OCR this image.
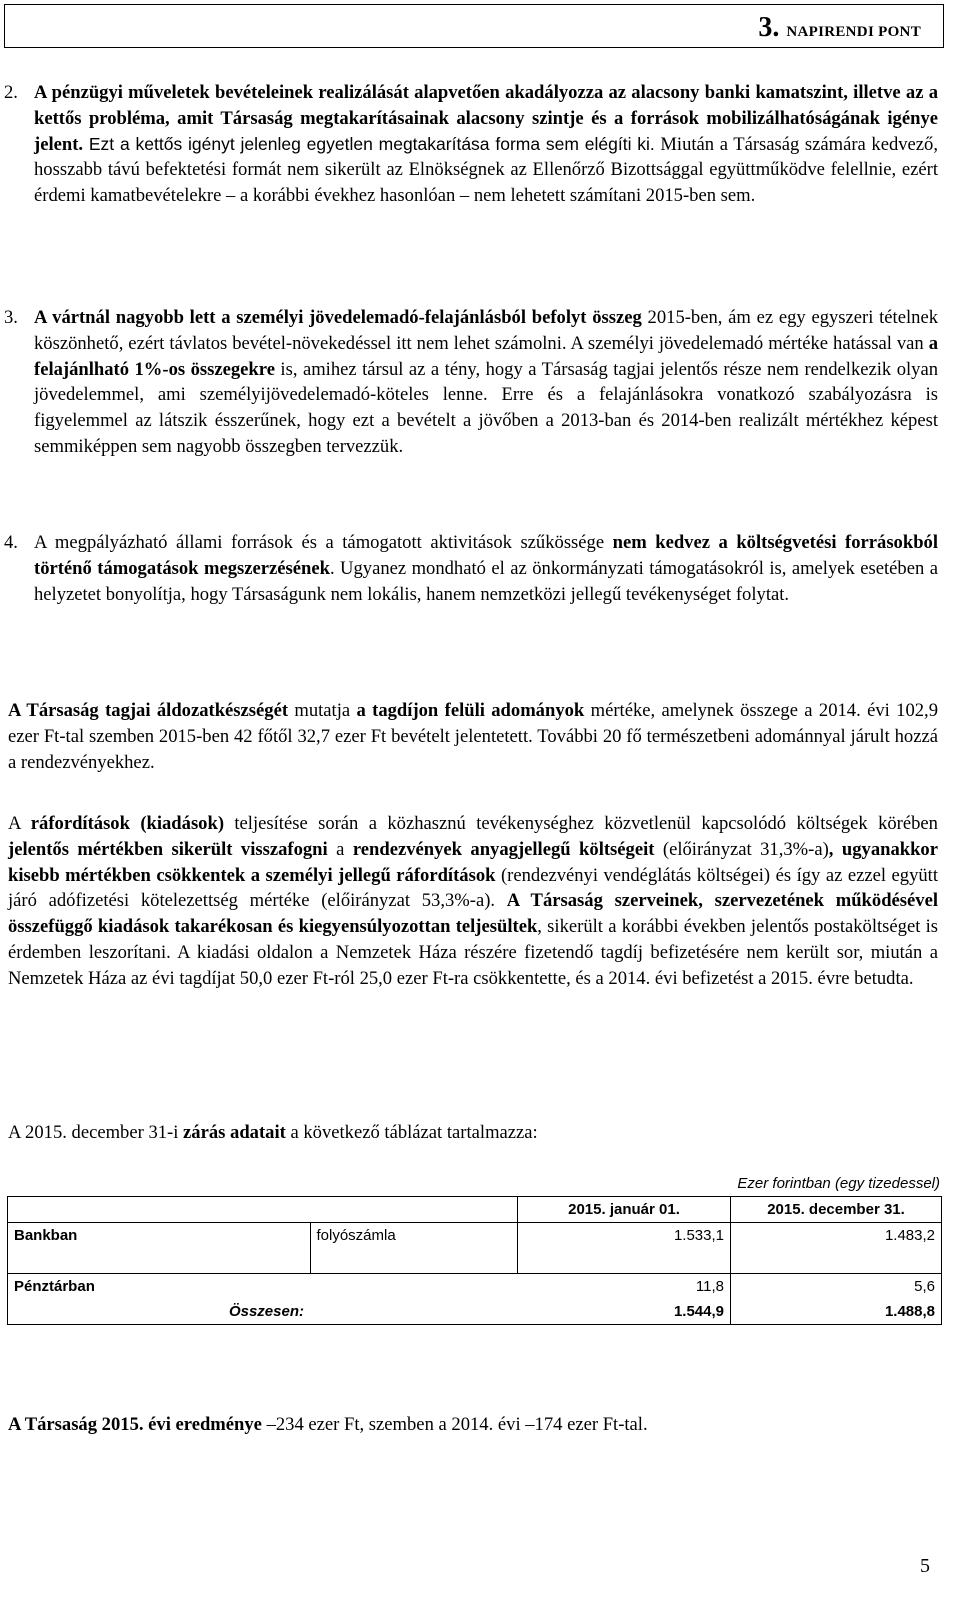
3. NAPIRENDI PONT

2. A pénzügyi műveletek bevételeinek realizálását alapvetően akadályozza az alacsony banki kamatszint, illetve az a kettős probléma, amit Társaság megtakarításainak alacsony szintje és a források mobilizálhatóságának igénye jelent. Ezt a kettős igényt jelenleg egyetlen megtakarítása forma sem elégíti ki. Miután a Társaság számára kedvező, hosszabb távú befektetési formát nem sikerült az Elnökségnek az Ellenőrző Bizottsággal együttműködve felellnie, ezért érdemi kamatbevételekre – a korábbi évekhez hasonlóan – nem lehetett számítani 2015-ben sem.

3. A vártnál nagyobb lett a személyi jövedelemadó-felajánlásból befolyt összeg 2015-ben, ám ez egy egyszeri tételnek köszönhető, ezért távlatos bevétel-növekedéssel itt nem lehet számolni. A személyi jövedelemadó mértéke hatással van a felajánlható 1%-os összegekre is, amihez társul az a tény, hogy a Társaság tagjai jelentős része nem rendelkezik olyan jövedelemmel, ami személyijövedelemadó-köteles lenne. Erre és a felajánlásokra vonatkozó szabályozásra is figyelemmel az látszik ésszerűnek, hogy ezt a bevételt a jövőben a 2013-ban és 2014-ben realizált mértékhez képest semmiképpen sem nagyobb összegben tervezzük.

4. A megpályázható állami források és a támogatott aktivitások szűkössége nem kedvez a költségvetési forrásokból történő támogatások megszerzésének. Ugyanez mondható el az önkormányzati támogatásokról is, amelyek esetében a helyzetet bonyolítja, hogy Társaságunk nem lokális, hanem nemzetközi jellegű tevékenységet folytat.

A Társaság tagjai áldozatkészségét mutatja a tagdíjon felüli adományok mértéke, amelynek összege a 2014. évi 102,9 ezer Ft-tal szemben 2015-ben 42 főtől 32,7 ezer Ft bevételt jelentetett. További 20 fő természetbeni adománnyal járult hozzá a rendezvényekhez.

A ráfordítások (kiadások) teljesítése során a közhasznú tevékenységhez közvetlenül kapcsolódó költségek körében jelentős mértékben sikerült visszafogni a rendezvények anyagjellegű költségeit (előirányzat 31,3%-a), ugyanakkor kisebb mértékben csökkentek a személyi jellegű ráfordítások (rendezvényi vendéglátás költségei) és így az ezzel együtt járó adófizetési kötelezettség mértéke (előirányzat 53,3%-a). A Társaság szerveinek, szervezetének működésével összefüggő kiadások takarékosan és kiegyensúlyozottan teljesültek, sikerült a korábbi években jelentős postaköltséget is érdemben leszorítani. A kiadási oldalon a Nemzetek Háza részére fizetendő tagdíj befizetésére nem került sor, miután a Nemzetek Háza az évi tagdíjat 50,0 ezer Ft-ról 25,0 ezer Ft-ra csökkentette, és a 2014. évi befizetést a 2015. évre betudta.

A 2015. december 31-i zárás adatait a következő táblázat tartalmazza:

Ezer forintban (egy tizedessel)
		2015. január 01.	2015. december 31.
Bankban	folyószámla	1.533,1	1.483,2

Pénztárban		11,8	5,6
Összesen:		1.544,9	1.488,8

A Társaság 2015. évi eredménye –234 ezer Ft, szemben a 2014. évi –174 ezer Ft-tal.

5
